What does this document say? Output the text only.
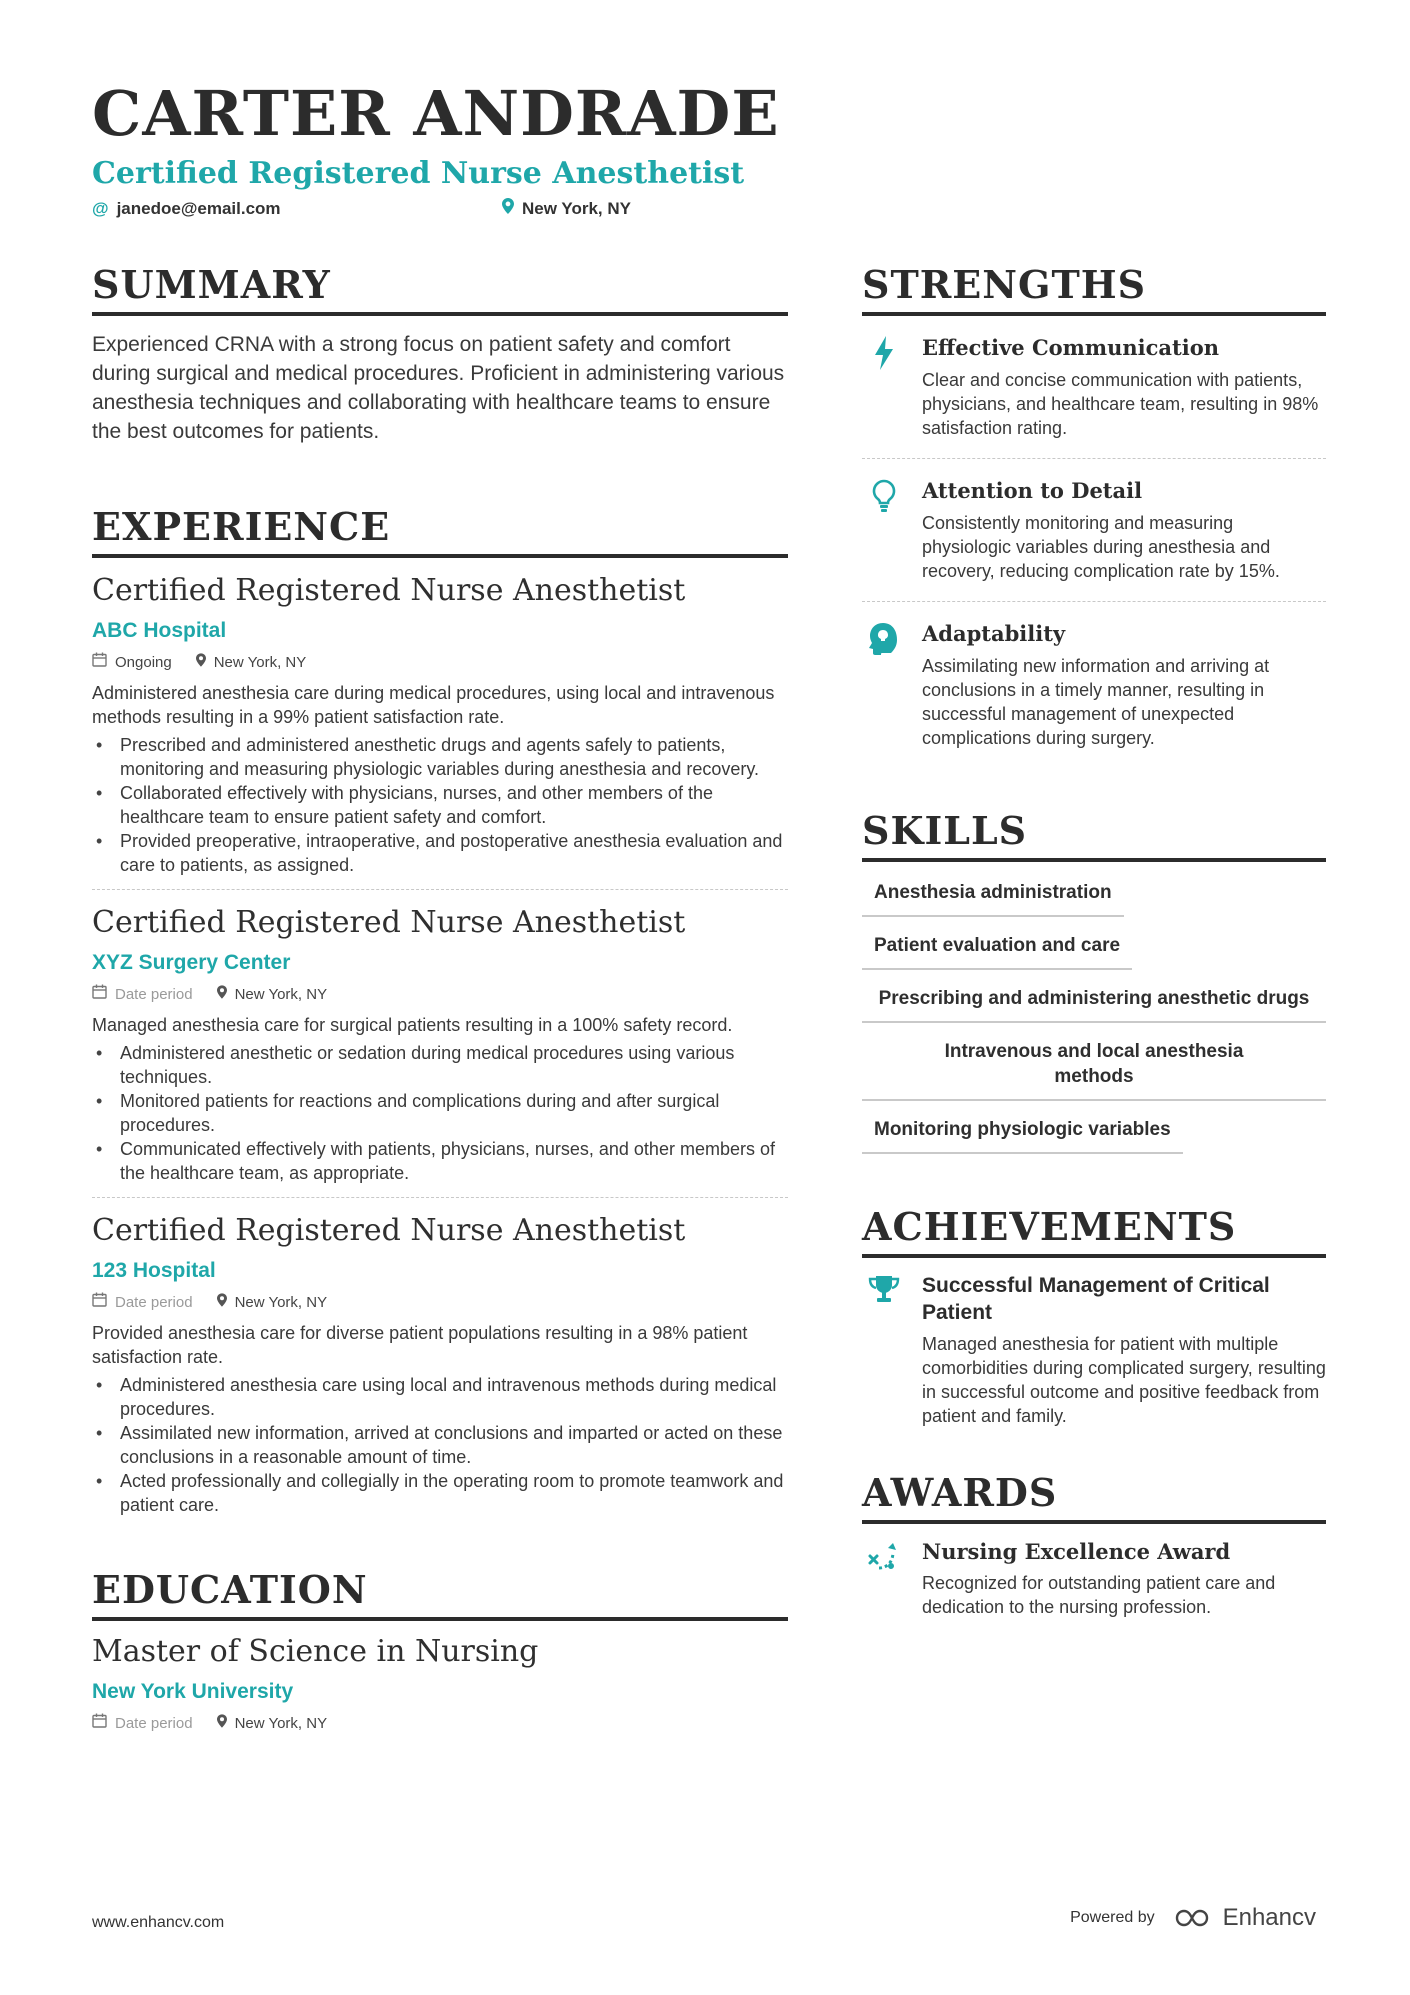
CARTER ANDRADE
Certified Registered Nurse Anesthetist
@ janedoe@email.com	New York, NY
SUMMARY
Experienced CRNA with a strong focus on patient safety and comfort during surgical and medical procedures. Proficient in administering various anesthesia techniques and collaborating with healthcare teams to ensure the best outcomes for patients.
EXPERIENCE
Certified Registered Nurse Anesthetist
ABC Hospital
Ongoing	New York, NY
Administered anesthesia care during medical procedures, using local and intravenous methods resulting in a 99% patient satisfaction rate.
• Prescribed and administered anesthetic drugs and agents safely to patients, monitoring and measuring physiologic variables during anesthesia and recovery.
• Collaborated effectively with physicians, nurses, and other members of the healthcare team to ensure patient safety and comfort.
• Provided preoperative, intraoperative, and postoperative anesthesia evaluation and care to patients, as assigned.
Certified Registered Nurse Anesthetist
XYZ Surgery Center
Date period	New York, NY
Managed anesthesia care for surgical patients resulting in a 100% safety record.
• Administered anesthetic or sedation during medical procedures using various techniques.
• Monitored patients for reactions and complications during and after surgical procedures.
• Communicated effectively with patients, physicians, nurses, and other members of the healthcare team, as appropriate.
Certified Registered Nurse Anesthetist
123 Hospital
Date period	New York, NY
Provided anesthesia care for diverse patient populations resulting in a 98% patient satisfaction rate.
• Administered anesthesia care using local and intravenous methods during medical procedures.
• Assimilated new information, arrived at conclusions and imparted or acted on these conclusions in a reasonable amount of time.
• Acted professionally and collegially in the operating room to promote teamwork and patient care.
EDUCATION
Master of Science in Nursing
New York University
Date period	New York, NY
STRENGTHS
Effective Communication
Clear and concise communication with patients, physicians, and healthcare team, resulting in 98% satisfaction rating.
Attention to Detail
Consistently monitoring and measuring physiologic variables during anesthesia and recovery, reducing complication rate by 15%.
Adaptability
Assimilating new information and arriving at conclusions in a timely manner, resulting in successful management of unexpected complications during surgery.
SKILLS
Anesthesia administration
Patient evaluation and care
Prescribing and administering anesthetic drugs
Intravenous and local anesthesia methods
Monitoring physiologic variables
ACHIEVEMENTS
Successful Management of Critical Patient
Managed anesthesia for patient with multiple comorbidities during complicated surgery, resulting in successful outcome and positive feedback from patient and family.
AWARDS
Nursing Excellence Award
Recognized for outstanding patient care and dedication to the nursing profession.
www.enhancv.com	Powered by	Enhancv
